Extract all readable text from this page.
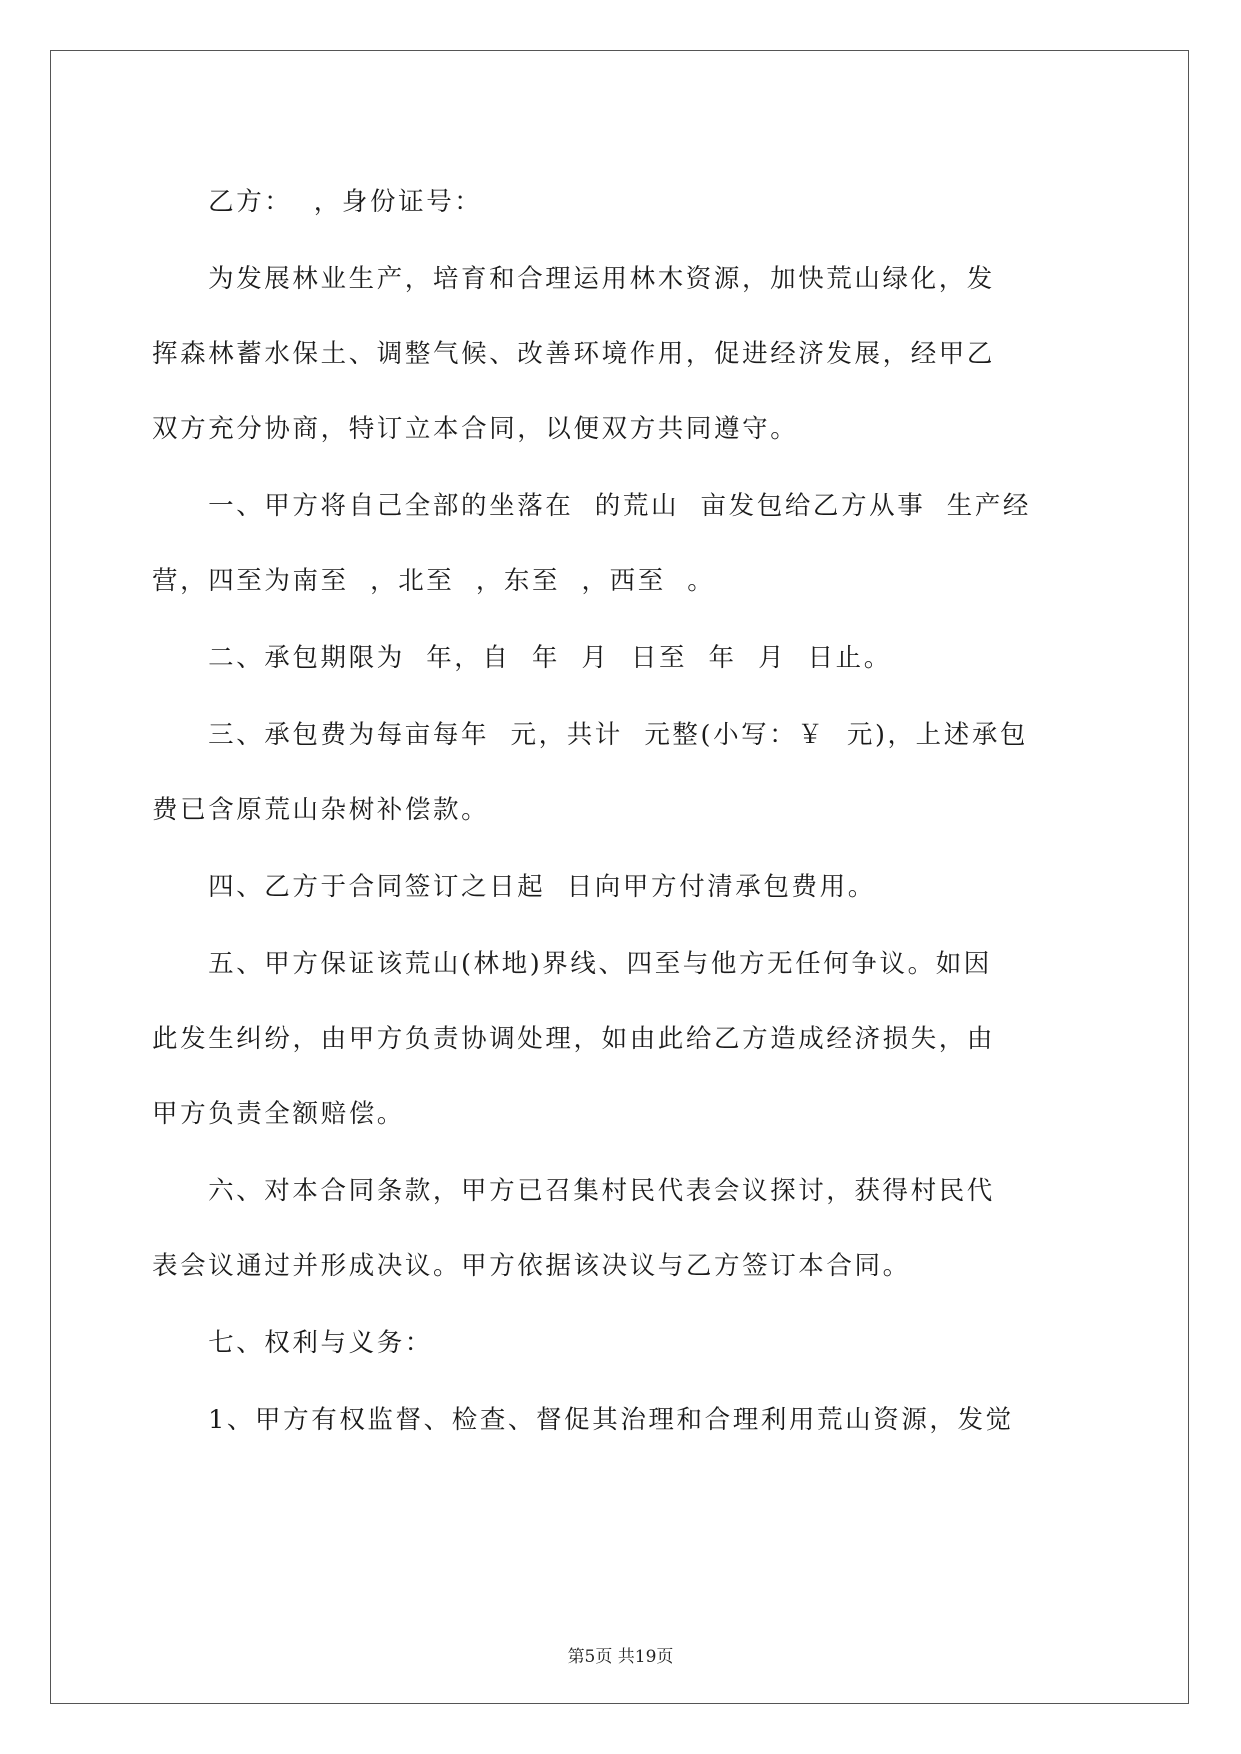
乙方：  ，身份证号：
为发展林业生产，培育和合理运用林木资源，加快荒山绿化，发
挥森林蓄水保土、调整气候、改善环境作用，促进经济发展，经甲乙
双方充分协商，特订立本合同，以便双方共同遵守。
一、甲方将自己全部的坐落在  的荒山  亩发包给乙方从事  生产经
营，四至为南至  ，北至  ，东至  ，西至  。
二、承包期限为  年，自  年  月  日至  年  月  日止。
三、承包费为每亩每年  元，共计  元整(小写：￥  元)，上述承包
费已含原荒山杂树补偿款。
四、乙方于合同签订之日起  日向甲方付清承包费用。
五、甲方保证该荒山(林地)界线、四至与他方无任何争议。如因
此发生纠纷，由甲方负责协调处理，如由此给乙方造成经济损失，由
甲方负责全额赔偿。
六、对本合同条款，甲方已召集村民代表会议探讨，获得村民代
表会议通过并形成决议。甲方依据该决议与乙方签订本合同。
七、权利与义务：
1、甲方有权监督、检查、督促其治理和合理利用荒山资源，发觉
第5页 共19页
